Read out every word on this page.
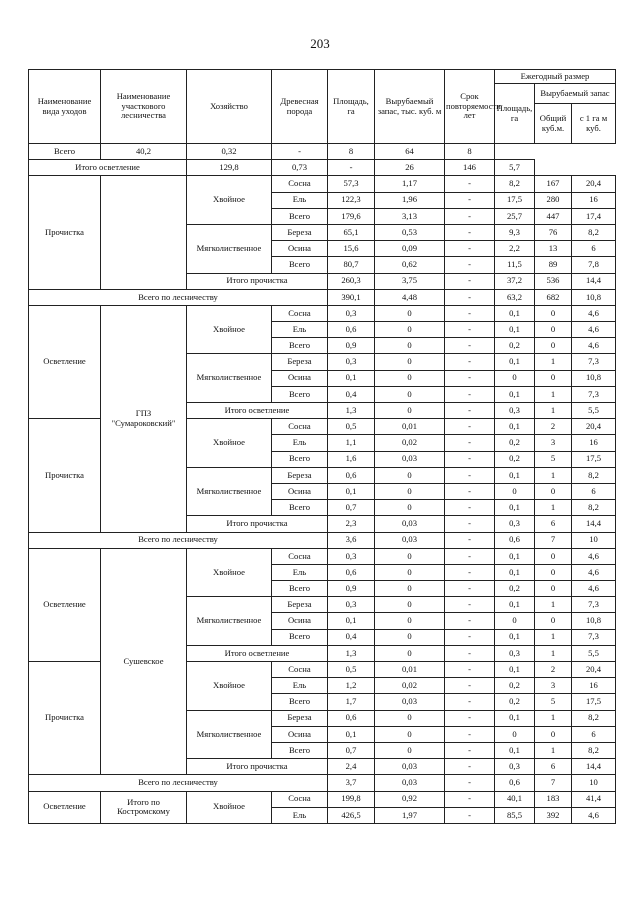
203
Наименование вида уходов	Наименование участкового лесничества	Хозяйство	Древесная порода	Площадь, га	Вырубаемый запас, тыс. куб. м	Срок повторяемости лет	Ежегодный размер		
							Площадь, га	Вырубаемый запас	
								Общий куб.м.	с 1 га м куб.
Всего	40,2	0,32	-	8	64	8			
Итого осветление		129,8	0,73	-	26	146	5,7		
Прочистка		Хвойное	Сосна	57,3	1,17	-	8,2	167	20,4
			Ель	122,3	1,96	-	17,5	280	16
			Всего	179,6	3,13	-	25,7	447	17,4
		Мягколиственное	Береза	65,1	0,53	-	9,3	76	8,2
			Осина	15,6	0,09	-	2,2	13	6
			Всего	80,7	0,62	-	11,5	89	7,8
		Итого прочистка		260,3	3,75	-	37,2	536	14,4
Всего по лесничеству				390,1	4,48	-	63,2	682	10,8
Осветление	ГПЗ "Сумароковский"	Хвойное	Сосна	0,3	0	-	0,1	0	4,6
			Ель	0,6	0	-	0,1	0	4,6
			Всего	0,9	0	-	0,2	0	4,6
		Мягколиственное	Береза	0,3	0	-	0,1	1	7,3
			Осина	0,1	0	-	0	0	10,8
			Всего	0,4	0	-	0,1	1	7,3
		Итого осветление		1,3	0	-	0,3	1	5,5
Прочистка		Хвойное	Сосна	0,5	0,01	-	0,1	2	20,4
			Ель	1,1	0,02	-	0,2	3	16
			Всего	1,6	0,03	-	0,2	5	17,5
		Мягколиственное	Береза	0,6	0	-	0,1	1	8,2
			Осина	0,1	0	-	0	0	6
			Всего	0,7	0	-	0,1	1	8,2
		Итого прочистка		2,3	0,03	-	0,3	6	14,4
Всего по лесничеству				3,6	0,03	-	0,6	7	10
Осветление	Сушевское	Хвойное	Сосна	0,3	0	-	0,1	0	4,6
			Ель	0,6	0	-	0,1	0	4,6
			Всего	0,9	0	-	0,2	0	4,6
		Мягколиственное	Береза	0,3	0	-	0,1	1	7,3
			Осина	0,1	0	-	0	0	10,8
			Всего	0,4	0	-	0,1	1	7,3
		Итого осветление		1,3	0	-	0,3	1	5,5
Прочистка		Хвойное	Сосна	0,5	0,01	-	0,1	2	20,4
			Ель	1,2	0,02	-	0,2	3	16
			Всего	1,7	0,03	-	0,2	5	17,5
		Мягколиственное	Береза	0,6	0	-	0,1	1	8,2
			Осина	0,1	0	-	0	0	6
			Всего	0,7	0	-	0,1	1	8,2
		Итого прочистка		2,4	0,03	-	0,3	6	14,4
Всего по лесничеству				3,7	0,03	-	0,6	7	10
Осветление	Итого по Костромскому	Хвойное	Сосна	199,8	0,92	-	40,1	183	41,4
			Ель	426,5	1,97	-	85,5	392	4,6
